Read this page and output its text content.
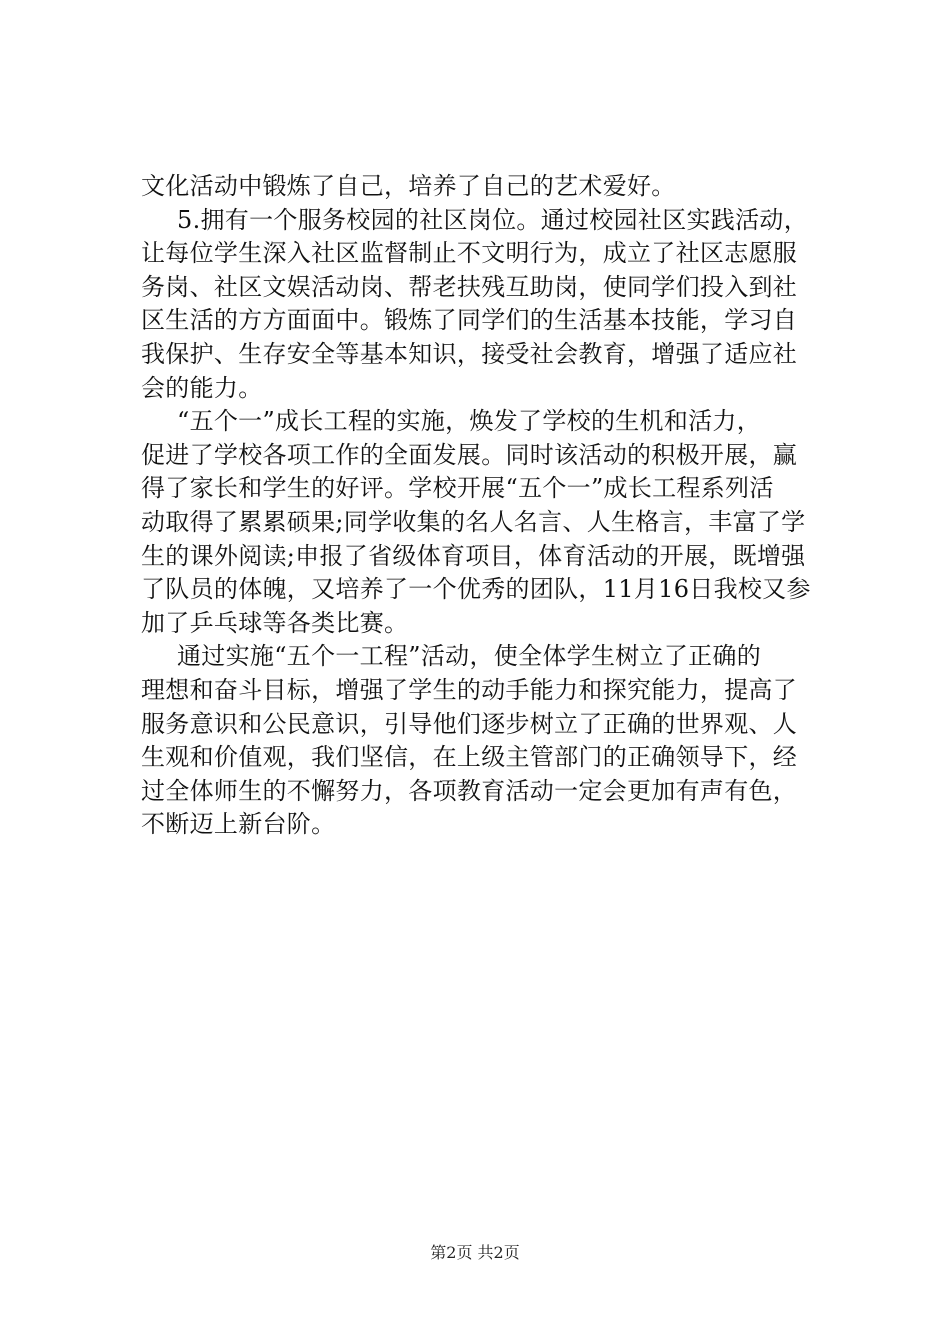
文化活动中锻炼了自己，培养了自己的艺术爱好。
5.拥有一个服务校园的社区岗位。通过校园社区实践活动，
让每位学生深入社区监督制止不文明行为，成立了社区志愿服
务岗、社区文娱活动岗、帮老扶残互助岗，使同学们投入到社
区生活的方方面面中。锻炼了同学们的生活基本技能，学习自
我保护、生存安全等基本知识，接受社会教育，增强了适应社
会的能力。
“五个一”成长工程的实施，焕发了学校的生机和活力，
促进了学校各项工作的全面发展。同时该活动的积极开展，赢
得了家长和学生的好评。学校开展“五个一”成长工程系列活
动取得了累累硕果;同学收集的名人名言、人生格言，丰富了学
生的课外阅读;申报了省级体育项目，体育活动的开展，既增强
了队员的体魄，又培养了一个优秀的团队，11月16日我校又参
加了乒乓球等各类比赛。
通过实施“五个一工程”活动，使全体学生树立了正确的
理想和奋斗目标，增强了学生的动手能力和探究能力，提高了
服务意识和公民意识，引导他们逐步树立了正确的世界观、人
生观和价值观，我们坚信，在上级主管部门的正确领导下，经
过全体师生的不懈努力，各项教育活动一定会更加有声有色，
不断迈上新台阶。
第2页 共2页
